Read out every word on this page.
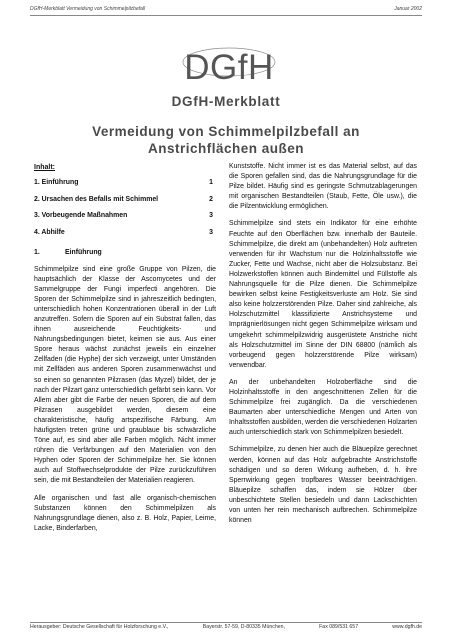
DGfH-Merkblatt Vermeidung von Schimmelpilzbefall	Januar 2002
DGfH
DGfH-Merkblatt
Vermeidung von Schimmelpilzbefall an
Anstrichflächen außen
Inhalt:
1. Einführung	1
2. Ursachen des Befalls mit Schimmel	2
3. Vorbeugende Maßnahmen	3
4. Abhilfe	3
1.	Einführung

Schimmelpilze sind eine große Gruppe von Pilzen, die hauptsächlich der Klasse der Ascomycetes und der Sammelgruppe der Fungi imperfecti angehören. Die Sporen der Schimmelpilze sind in jahreszeitlich bedingten, unterschiedlich hohen Konzentrationen überall in der Luft anzutreffen. Sofern die Sporen auf ein Substrat fallen, das ihnen ausreichende Feuchtigkeits- und Nahrungsbedingungen bietet, keimen sie aus. Aus einer Spore heraus wächst zunächst jeweils ein einzelner Zellfaden (die Hyphe) der sich verzweigt, unter Umständen mit Zellfäden aus anderen Sporen zusammenwächst und so einen so genannten Pilzrasen (das Myzel) bildet, der je nach der Pilzart ganz unterschiedlich gefärbt sein kann. Vor Allem aber gibt die Farbe der neuen Sporen, die auf dem Pilzrasen ausgebildet werden, diesem eine charakteristische, häufig artspezifische Färbung. Am häufigsten treten grüne und graublaue bis schwärzliche Töne auf, es sind aber alle Farben möglich. Nicht immer rühren die Verfärbungen auf den Materialien von den Hyphen oder Sporen der Schimmelpilze her. Sie können auch auf Stoffwechselprodukte der Pilze zurückzuführen sein, die mit Bestandteilen der Materialien reagieren.

Alle organischen und fast alle organisch-chemischen Substanzen können den Schimmelpilzen als Nahrungsgrundlage dienen, also z. B. Holz, Papier, Leime, Lacke, Binderfarben,

Kunststoffe. Nicht immer ist es das Material selbst, auf das die Sporen gefallen sind, das die Nahrungsgrundlage für die Pilze bildet. Häufig sind es geringste Schmutzablagerungen mit organischen Bestandteilen (Staub, Fette, Öle usw.), die die Pilzentwicklung ermöglichen.

Schimmelpilze sind stets ein Indikator für eine erhöhte Feuchte auf den Oberflächen bzw. innerhalb der Bauteile. Schimmelpilze, die direkt am (unbehandelten) Holz auftreten verwenden für ihr Wachstum nur die Holzinhaltsstoffe wie Zucker, Fette und Wachse, nicht aber die Holzsubstanz. Bei Holzwerkstoffen können auch Bindemittel und Füllstoffe als Nahrungsquelle für die Pilze dienen. Die Schimmelpilze bewirken selbst keine Festigkeitsverluste am Holz. Sie sind also keine holzzerstörenden Pilze. Daher sind zahlreiche, als Holzschutzmittel klassifizierte Anstrichsysteme und Imprägnierlösungen nicht gegen Schimmelpilze wirksam und umgekehrt schimmelpilzwidrig ausgerüstete Anstriche nicht als Holzschutzmittel im Sinne der DIN 68800 (nämlich als vorbeugend gegen holzzerstörende Pilze wirksam) verwendbar.

An der unbehandelten Holzoberfläche sind die Holzinhaltsstoffe in den angeschnittenen Zellen für die Schimmelpilze frei zugänglich. Da die verschiedenen Baumarten aber unterschiedliche Mengen und Arten von Inhaltsstoffen ausbilden, werden die verschiedenen Holzarten auch unterschiedlich stark von Schimmelpilzen besiedelt.

Schimmelpilze, zu denen hier auch die Bläuepilze gerechnet werden, können auf das Holz aufgebrachte Anstrichstoffe schädigen und so deren Wirkung aufheben, d. h. ihre Sperrwirkung gegen tropfbares Wasser beeinträchtigen. Bläuepilze schaffen das, indem sie Hölzer über unbeschichtete Stellen besiedeln und dann Lackschichten von unten her rein mechanisch aufbrechen. Schimmelpilze können

Herausgeber: Deutsche Gesellschaft für Holzforschung e.V.,	Bayerstr. 57-59, D-80335 München,	Fax 089/531 657	www.dgfh.de
